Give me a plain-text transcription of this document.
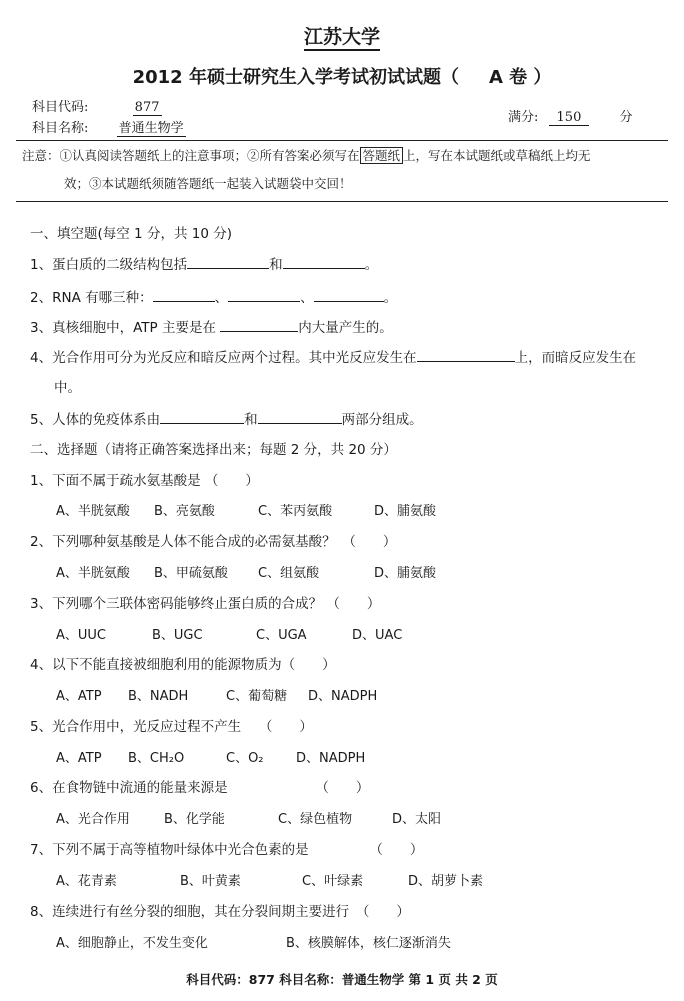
江苏大学
2012 年硕士研究生入学考试初试试题（ A 卷 ）
科目代码:	877
科目名称: 普通生物学
满分: 150	分
注意：①认真阅读答题纸上的注意事项；②所有答案必须写在 答题纸 上，写在本试题纸或草稿纸上均无
效；③本试题纸须随答题纸一起装入试题袋中交回！
一、填空题(每空 1 分，共 10 分)
1、蛋白质的二级结构包括	和	。
2、RNA 有哪三种：	、	、	。
3、真核细胞中，ATP 主要是在	内大量产生的。
4、光合作用可分为光反应和暗反应两个过程。其中光反应发生在	上，而暗反应发生在
中。
5、人体的免疫体系由	和	两部分组成。
二、选择题（请将正确答案选择出来；每题 2 分，共 20 分）
1、下面不属于疏水氨基酸是 （　　）
A、半胱氨酸 B、亮氨酸	C、苯丙氨酸	D、脯氨酸
2、下列哪种氨基酸是人体不能合成的必需氨基酸？　（　　）
A、半胱氨酸 B、甲硫氨酸 C、组氨酸	D、脯氨酸
3、下列哪个三联体密码能够终止蛋白质的合成？ （　　）
A、UUC	B、UGC	C、UGA	D、UAC
4、以下不能直接被细胞利用的能源物质为（　　）
A、ATP B、NADH	C、葡萄糖 D、NADPH
5、光合作用中，光反应过程不产生　 （　　）
A、ATP B、CH₂O	C、O₂ D、NADPH
6、在食物链中流通的能量来源是　　　　　　　（　　）
A、光合作用	B、化学能	C、绿色植物	D、太阳
7、下列不属于高等植物叶绿体中光合色素的是　　　　　（　　）
A、花青素	B、叶黄素	C、叶绿素	D、胡萝卜素
8、连续进行有丝分裂的细胞，其在分裂间期主要进行　（　　）
A、细胞静止，不发生变化	B、核膜解体，核仁逐渐消失
科目代码：877 科目名称：普通生物学 第 1 页 共 2 页
